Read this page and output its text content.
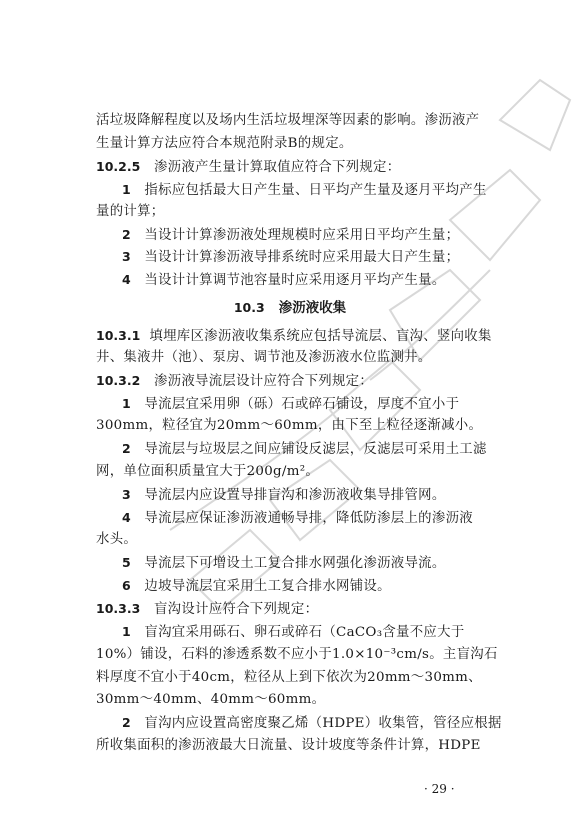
活垃圾降解程度以及场内生活垃圾埋深等因素的影响。渗沥液产
生量计算方法应符合本规范附录B的规定。
10.2.5 渗沥液产生量计算取值应符合下列规定：
1 指标应包括最大日产生量、日平均产生量及逐月平均产生
量的计算；
2 当设计计算渗沥液处理规模时应采用日平均产生量；
3 当设计计算渗沥液导排系统时应采用最大日产生量；
4 当设计计算调节池容量时应采用逐月平均产生量。
10.3 渗沥液收集
10.3.1 填埋库区渗沥液收集系统应包括导流层、盲沟、竖向收集
井、集液井（池）、泵房、调节池及渗沥液水位监测井。
10.3.2 渗沥液导流层设计应符合下列规定：
1 导流层宜采用卵（砾）石或碎石铺设，厚度不宜小于
300mm，粒径宜为20mm～60mm，由下至上粒径逐渐减小。
2 导流层与垃圾层之间应铺设反滤层，反滤层可采用土工滤
网，单位面积质量宜大于200g/m²。
3 导流层内应设置导排盲沟和渗沥液收集导排管网。
4 导流层应保证渗沥液通畅导排，降低防渗层上的渗沥液
水头。
5 导流层下可增设土工复合排水网强化渗沥液导流。
6 边坡导流层宜采用土工复合排水网铺设。
10.3.3 盲沟设计应符合下列规定：
1 盲沟宜采用砾石、卵石或碎石（CaCO₃含量不应大于
10%）铺设，石料的渗透系数不应小于1.0×10⁻³cm/s。主盲沟石
料厚度不宜小于40cm，粒径从上到下依次为20mm～30mm、
30mm～40mm、40mm～60mm。
2 盲沟内应设置高密度聚乙烯（HDPE）收集管，管径应根据
所收集面积的渗沥液最大日流量、设计坡度等条件计算，HDPE
· 29 ·
